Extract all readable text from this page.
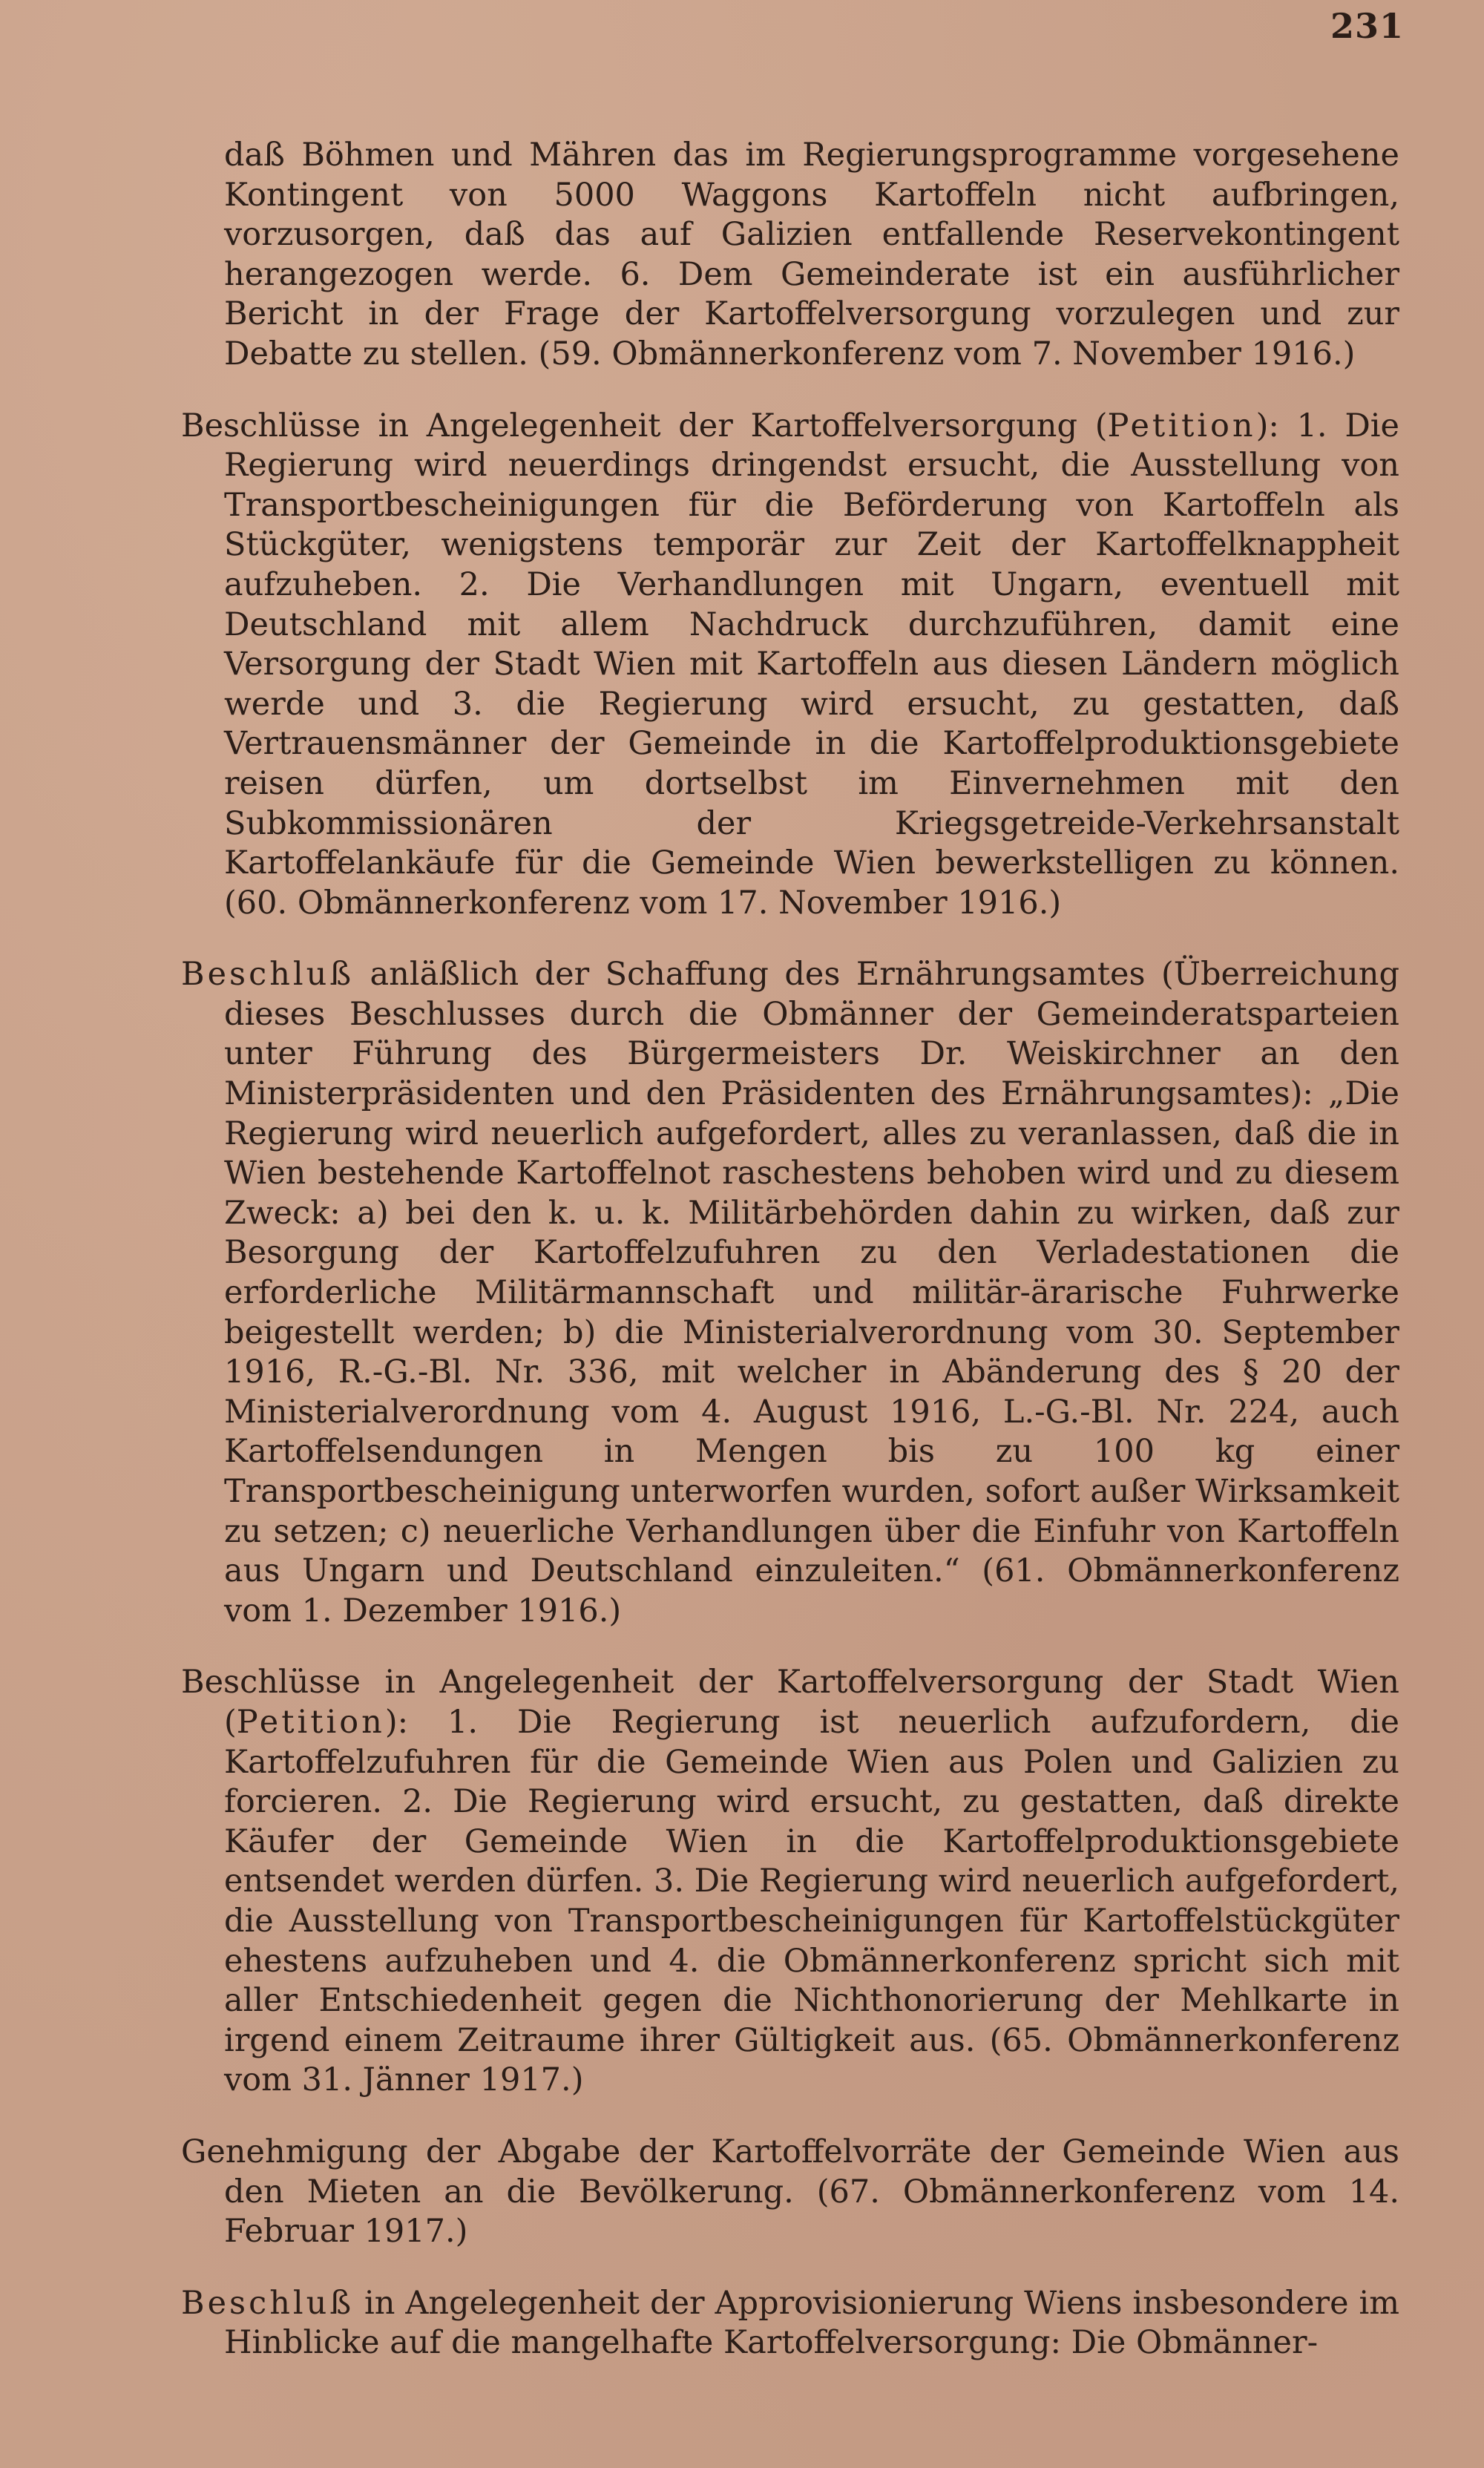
231

daß Böhmen und Mähren das im Regierungsprogramme vorgesehene Kontingent von 5000 Waggons Kartoffeln nicht aufbringen, vorzusorgen, daß das auf Galizien entfallende Reservekontingent herangezogen werde. 6. Dem Gemeinderate ist ein ausführlicher Bericht in der Frage der Kartoffelversorgung vorzulegen und zur Debatte zu stellen. (59. Obmännerkonferenz vom 7. November 1916.)

Beschlüsse in Angelegenheit der Kartoffelversorgung (Petition): 1. Die Regierung wird neuerdings dringendst ersucht, die Ausstellung von Transportbescheinigungen für die Beförderung von Kartoffeln als Stückgüter, wenigstens temporär zur Zeit der Kartoffelknappheit aufzuheben. 2. Die Verhandlungen mit Ungarn, eventuell mit Deutschland mit allem Nachdruck durchzuführen, damit eine Versorgung der Stadt Wien mit Kartoffeln aus diesen Ländern möglich werde und 3. die Regierung wird ersucht, zu gestatten, daß Vertrauensmänner der Gemeinde in die Kartoffelproduktionsgebiete reisen dürfen, um dortselbst im Einvernehmen mit den Subkommissionären der Kriegsgetreide-Verkehrsanstalt Kartoffelankäufe für die Gemeinde Wien bewerkstelligen zu können. (60. Obmännerkonferenz vom 17. November 1916.)

Beschluß anläßlich der Schaffung des Ernährungsamtes (Überreichung dieses Beschlusses durch die Obmänner der Gemeinderatsparteien unter Führung des Bürgermeisters Dr. Weiskirchner an den Ministerpräsidenten und den Präsidenten des Ernährungsamtes): „Die Regierung wird neuerlich aufgefordert, alles zu veranlassen, daß die in Wien bestehende Kartoffelnot raschestens behoben wird und zu diesem Zweck: a) bei den k. u. k. Militärbehörden dahin zu wirken, daß zur Besorgung der Kartoffelzufuhren zu den Verladestationen die erforderliche Militärmannschaft und militär-ärarische Fuhrwerke beigestellt werden; b) die Ministerialverordnung vom 30. September 1916, R.-G.-Bl. Nr. 336, mit welcher in Abänderung des § 20 der Ministerialverordnung vom 4. August 1916, L.-G.-Bl. Nr. 224, auch Kartoffelsendungen in Mengen bis zu 100 kg einer Transportbescheinigung unterworfen wurden, sofort außer Wirksamkeit zu setzen; c) neuerliche Verhandlungen über die Einfuhr von Kartoffeln aus Ungarn und Deutschland einzuleiten.“ (61. Obmännerkonferenz vom 1. Dezember 1916.)

Beschlüsse in Angelegenheit der Kartoffelversorgung der Stadt Wien (Petition): 1. Die Regierung ist neuerlich aufzufordern, die Kartoffelzufuhren für die Gemeinde Wien aus Polen und Galizien zu forcieren. 2. Die Regierung wird ersucht, zu gestatten, daß direkte Käufer der Gemeinde Wien in die Kartoffelproduktionsgebiete entsendet werden dürfen. 3. Die Regierung wird neuerlich aufgefordert, die Ausstellung von Transportbescheinigungen für Kartoffelstückgüter ehestens aufzuheben und 4. die Obmännerkonferenz spricht sich mit aller Entschiedenheit gegen die Nichthonorierung der Mehlkarte in irgend einem Zeitraume ihrer Gültigkeit aus. (65. Obmännerkonferenz vom 31. Jänner 1917.)

Genehmigung der Abgabe der Kartoffelvorräte der Gemeinde Wien aus den Mieten an die Bevölkerung. (67. Obmännerkonferenz vom 14. Februar 1917.)

Beschluß in Angelegenheit der Approvisionierung Wiens insbesondere im Hinblicke auf die mangelhafte Kartoffelversorgung: Die Obmänner-
